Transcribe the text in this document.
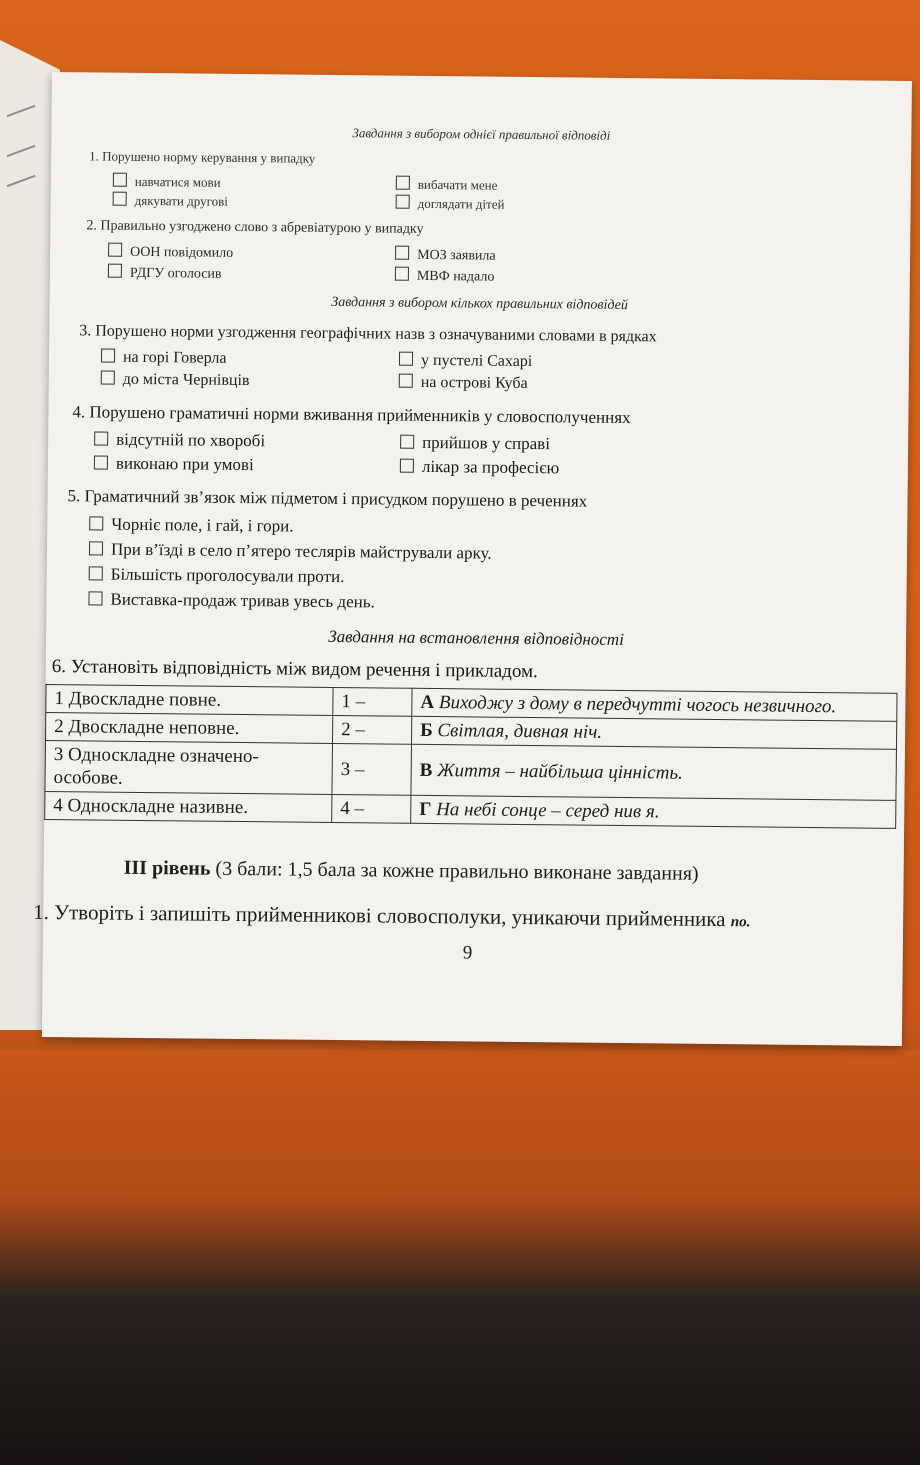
Завдання з вибором однієї правильної відповіді
1. Порушено норму керування у випадку
навчатися мови	вибачати мене
дякувати другові	доглядати дітей
2. Правильно узгоджено слово з абревіатурою у випадку
ООН повідомило	МОЗ заявила
РДГУ оголосив	МВФ надало
Завдання з вибором кількох правильних відповідей
3. Порушено норми узгодження географічних назв з означуваними словами в рядках
на горі Говерла	у пустелі Сахарі
до міста Чернівців	на острові Куба
4. Порушено граматичні норми вживання прийменників у словосполученнях
відсутній по хворобі	прийшов у справі
виконаю при умові	лікар за професією
5. Граматичний зв’язок між підметом і присудком порушено в реченнях
Чорніє поле, і гай, і гори.
При в’їзді в село п’ятеро теслярів майстрували арку.
Більшість проголосували проти.
Виставка-продаж тривав увесь день.
Завдання на встановлення відповідності
6. Установіть відповідність між видом речення і прикладом.
1 Двоскладне повне.	1 –	А Виходжу з дому в передчутті чогось незвичного.
2 Двоскладне неповне.	2 –	Б Світлая, дивная ніч.
3 Односкладне означено-особове.	3 –	В Життя – найбільша цінність.
4 Односкладне називне.	4 –	Г На небі сонце – серед нив я.
ІІІ рівень (3 бали: 1,5 бала за кожне правильно виконане завдання)
1. Утворіть і запишіть прийменникові словосполуки, уникаючи прийменника по.
9
